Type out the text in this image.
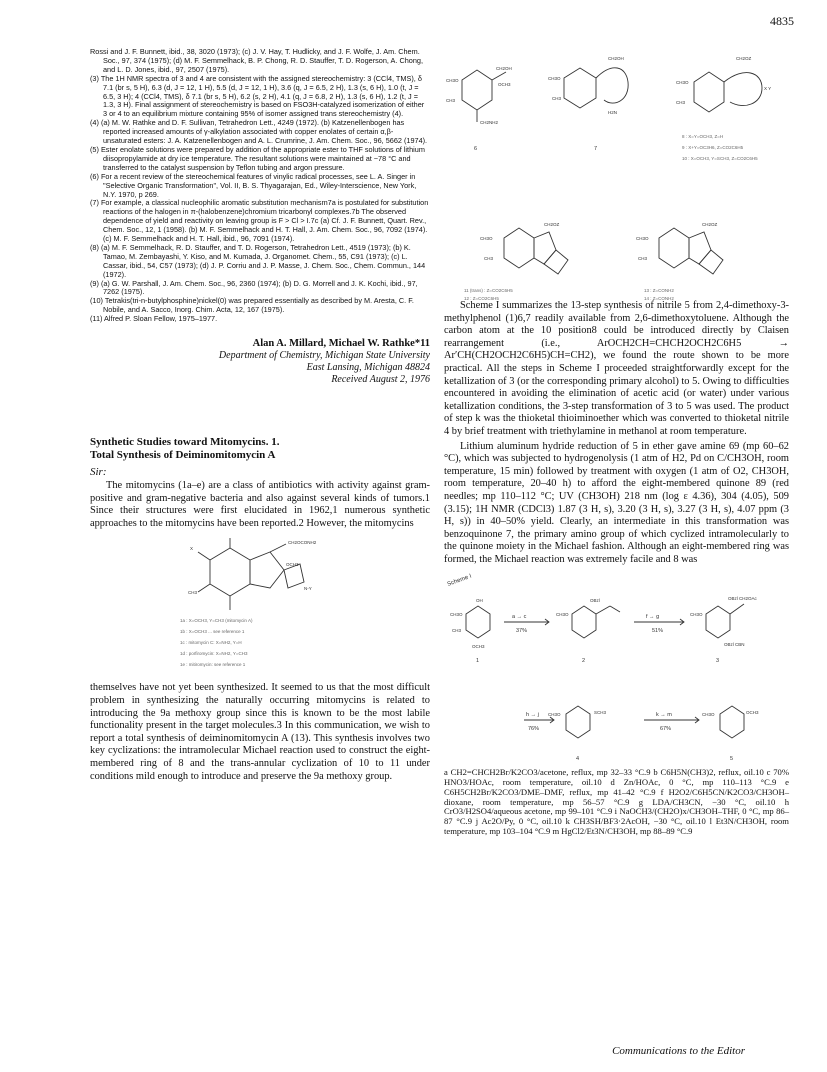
4835
Rossi and J. F. Bunnett, ibid., 38, 3020 (1973); (c) J. V. Hay, T. Hudlicky, and J. F. Wolfe, J. Am. Chem. Soc., 97, 374 (1975); (d) M. F. Semmelhack, B. P. Chong, R. D. Stauffer, T. D. Rogerson, A. Chong, and L. D. Jones, ibid., 97, 2507 (1975).
(3) The 1H NMR spectra of 3 and 4 are consistent with the assigned stereochemistry: 3 (CCl4, TMS), δ 7.1 (br s, 5 H), 6.3 (d, J = 12, 1 H), 5.5 (d, J = 12, 1 H), 3.6 (q, J = 6.5, 2 H), 1.3 (s, 6 H), 1.0 (t, J = 6.5, 3 H); 4 (CCl4, TMS), δ 7.1 (br s, 5 H), 6.2 (s, 2 H), 4.1 (q, J = 6.8, 2 H), 1.3 (s, 6 H), 1.2 (t, J = 1.3, 3 H). Final assignment of stereochemistry is based on FSO3H-catalyzed isomerization of either 3 or 4 to an equilibrium mixture containing 95% of isomer assigned trans stereochemistry (4).
(4) (a) M. W. Rathke and D. F. Sullivan, Tetrahedron Lett., 4249 (1972). (b) Katzenellenbogen has reported increased amounts of γ-alkylation associated with copper enolates of certain α,β-unsaturated esters: J. A. Katzenellenbogen and A. L. Crumrine, J. Am. Chem. Soc., 96, 5662 (1974).
(5) Ester enolate solutions were prepared by addition of the appropriate ester to THF solutions of lithium diisopropylamide at dry ice temperature. The resultant solutions were maintained at −78 °C and transferred to the catalyst suspension by Teflon tubing and argon pressure.
(6) For a recent review of the stereochemical features of vinylic radical processes, see L. A. Singer in "Selective Organic Transformation", Vol. II, B. S. Thyagarajan, Ed., Wiley-Interscience, New York, N.Y. 1970, p 269.
(7) For example, a classical nucleophilic aromatic substitution mechanism7a is postulated for substitution reactions of the halogen in π-(halobenzene)chromium tricarbonyl complexes.7b The observed dependence of yield and reactivity on leaving group is F > Cl > I.7c (a) Cf. J. F. Bunnett, Quart. Rev., Chem. Soc., 12, 1 (1958). (b) M. F. Semmelhack and H. T. Hall, J. Am. Chem. Soc., 96, 7092 (1974). (c) M. F. Semmelhack and H. T. Hall, ibid., 96, 7091 (1974).
(8) (a) M. F. Semmelhack, R. D. Stauffer, and T. D. Rogerson, Tetrahedron Lett., 4519 (1973); (b) K. Tamao, M. Zembayashi, Y. Kiso, and M. Kumada, J. Organomet. Chem., 55, C91 (1973); (c) L. Cassar, ibid., 54, C57 (1973); (d) J. P. Corriu and J. P. Masse, J. Chem. Soc., Chem. Commun., 144 (1972).
(9) (a) G. W. Parshall, J. Am. Chem. Soc., 96, 2360 (1974); (b) D. G. Morrell and J. K. Kochi, ibid., 97, 7262 (1975).
(10) Tetrakis(tri-n-butylphosphine)nickel(0) was prepared essentially as described by M. Aresta, C. F. Nobile, and A. Sacco, Inorg. Chim. Acta, 12, 167 (1975).
(11) Alfred P. Sloan Fellow, 1975–1977.
Alan A. Millard, Michael W. Rathke*11
Department of Chemistry, Michigan State University
East Lansing, Michigan 48824
Received August 2, 1976
Synthetic Studies toward Mitomycins. 1.
Total Synthesis of Deiminomitomycin A
Sir:

The mitomycins (1a–e) are a class of antibiotics with activity against gram-positive and gram-negative bacteria and also against several kinds of tumors.1 Since their structures were first elucidated in 1962,1 numerous synthetic approaches to the mitomycins have been reported.2 However, the mitomycins

X
CH3
CH2OCONH2
OCH3
N-Y
1a : X=OCH3, Y=CH3 (mitomycin A)
1b : X=OCH3 ... see reference 1
1c : mitomycin C: X=NH2, Y=H
1d : porfiromycin: X=NH2, Y=CH3
1e : mitiromycin: see reference 1

themselves have not yet been synthesized. It seemed to us that the most difficult problem in synthesizing the naturally occurring mitomycins is related to introducing the 9a methoxy group since this is known to be the most labile functionality present in the target molecules.3 In this communication, we wish to report a total synthesis of deiminomitomycin A (13). This synthesis involves two key cyclizations: the intramolecular Michael reaction used to construct the eight-membered ring of 8 and the trans-annular cyclization of 10 to 11 under conditions mild enough to introduce and preserve the 9a methoxy group.

CH3O
CH2OH
OCH3
CH3
CH2NH2
CH3O
CH2OH
CH3
H2N
CH3O
CH2OZ
CH3
X Y
CH3O
CH2OZ
CH3
CH3O
CH2OZ
CH3
6	7
8 : X=Y=OCH3, Z=H
9 : X+Y=OC3H6, Z=CO2C6H5
10 : X=OCH3, Y=SCH3, Z=CO2C6H5
11 (trans) : Z=CO2C6H5
12 : Z=CO2C6H5
13 : Z=CONH2
14 : Z=CONH2

Scheme I summarizes the 13-step synthesis of nitrile 5 from 2,4-dimethoxy-3-methylphenol (1)6,7 readily available from 2,6-dimethoxytoluene. Although the carbon atom at the 10 position8 could be introduced directly by Claisen rearrangement (i.e., ArOCH2CH=CHCH2OCH2C6H5 → Ar′CH(CH2OCH2C6H5)CH=CH2), we found the route shown to be more practical. All the steps in Scheme I proceeded straightforwardly except for the ketallization of 3 (or the corresponding primary alcohol) to 5. Owing to difficulties encountered in avoiding the elimination of acetic acid (or water) under various ketallization conditions, the 3-step transformation of 3 to 5 was used. The product of step k was the thioketal thioiminoether which was converted to thioketal nitrile 4 by brief treatment with triethylamine in methanol at room temperature.

Lithium aluminum hydride reduction of 5 in ether gave amine 69 (mp 60–62 °C), which was subjected to hydrogenolysis (1 atm of H2, Pd on C/CH3OH, room temperature, 15 min) followed by treatment with oxygen (1 atm of O2, CH3OH, room temperature, 20–40 h) to afford the eight-membered quinone 89 (red needles; mp 110–112 °C; UV (CH3OH) 218 nm (log ε 4.36), 304 (4.05), 509 (3.15); 1H NMR (CDCl3) 1.87 (3 H, s), 3.20 (3 H, s), 3.27 (3 H, s), 4.07 ppm (3 H, s)) in 40–50% yield. Clearly, an intermediate in this transformation was benzoquinone 7, the primary amino group of which cyclized intramolecularly to the quinone moiety in the Michael fashion. Although an eight-membered ring was formed, the Michael reaction was extremely facile and 8 was

Scheme I
CH3O
OH
CH3
OCH3
CH3O
OBzl
CH3O
OBzl CH2OAc
OBzl CBN
CH3O	SCH3	CH3O	OCH3
a → c	f → g
h → j	k → m
37%	51%
76%	67%
1	2	3
4	5

a CH2=CHCH2Br/K2CO3/acetone, reflux, mp 32–33 °C.9 b C6H5N(CH3)2, reflux, oil.10 c 70% HNO3/HOAc, room temperature, oil.10 d Zn/HOAc, 0 °C, mp 110–113 °C.9 e C6H5CH2Br/K2CO3/DME–DMF, reflux, mp 41–42 °C.9 f H2O2/C6H5CN/K2CO3/CH3OH–dioxane, room temperature, mp 56–57 °C.9 g LDA/CH3CN, −30 °C, oil.10 h CrO3/H2SO4/aqueous acetone, mp 99–101 °C.9 i NaOCH3/(CH2O)x/CH3OH–THF, 0 °C, mp 86–87 °C.9 j Ac2O/Py, 0 °C, oil.10 k CH3SH/BF3·2AcOH, −30 °C, oil.10 l Et3N/CH3OH, room temperature, mp 103–104 °C.9 m HgCl2/Et3N/CH3OH, mp 88–89 °C.9

Communications to the Editor
